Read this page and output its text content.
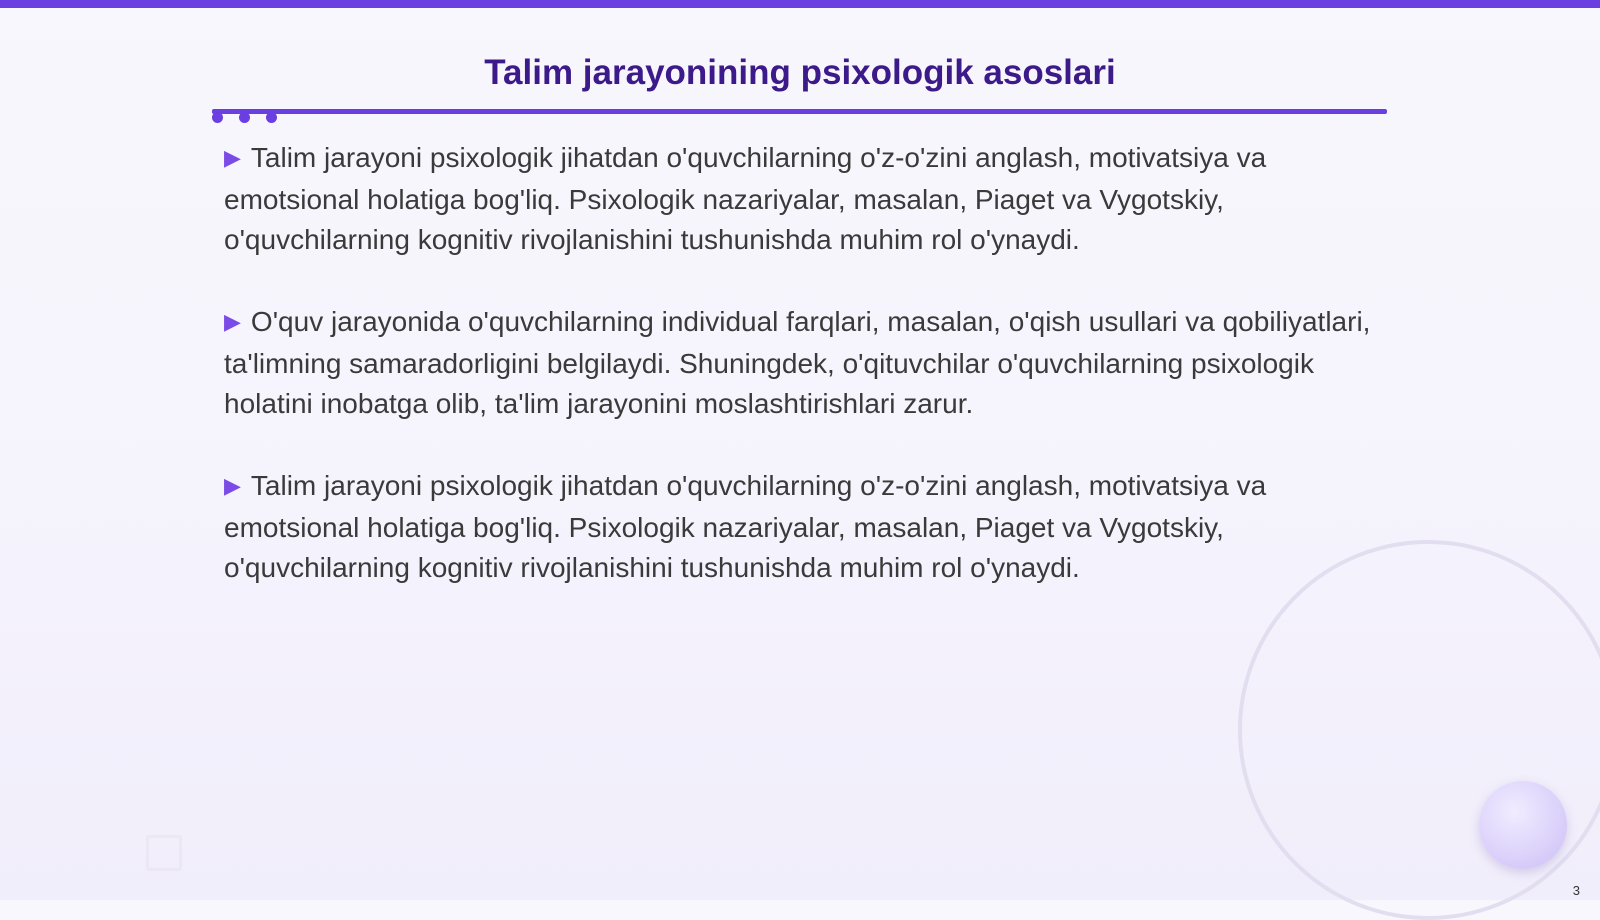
Talim jarayonining psixologik asoslari
▶ Talim jarayoni psixologik jihatdan o'quvchilarning o'z-o'zini anglash, motivatsiya va emotsional holatiga bog'liq. Psixologik nazariyalar, masalan, Piaget va Vygotskiy, o'quvchilarning kognitiv rivojlanishini tushunishda muhim rol o'ynaydi.
▶ O'quv jarayonida o'quvchilarning individual farqlari, masalan, o'qish usullari va qobiliyatlari, ta'limning samaradorligini belgilaydi. Shuningdek, o'qituvchilar o'quvchilarning psixologik holatini inobatga olib, ta'lim jarayonini moslashtirishlari zarur.
▶ Talim jarayoni psixologik jihatdan o'quvchilarning o'z-o'zini anglash, motivatsiya va emotsional holatiga bog'liq. Psixologik nazariyalar, masalan, Piaget va Vygotskiy, o'quvchilarning kognitiv rivojlanishini tushunishda muhim rol o'ynaydi.
3
